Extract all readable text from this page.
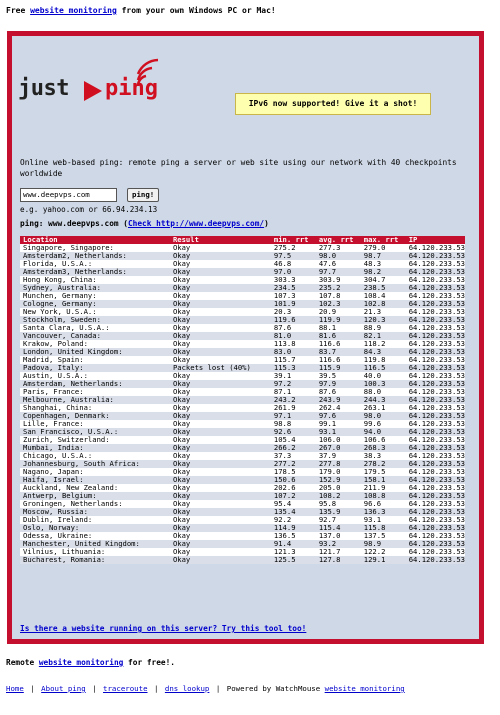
Free website monitoring from your own Windows PC or Mac!
just ping
IPv6 now supported! Give it a shot!
Online web-based ping: remote ping a server or web site using our network with 40 checkpoints worldwide
www.deepvps.com	ping!
e.g. yahoo.com or 66.94.234.13
ping: www.deepvps.com (Check http://www.deepvps.com/)
Location	Result	min. rrt	avg. rrt	max. rrt	IP
Singapore, Singapore:	Okay	275.2	277.3	279.0	64.120.233.53
Amsterdam2, Netherlands:	Okay	97.5	98.0	98.7	64.120.233.53
Florida, U.S.A.:	Okay	46.8	47.6	48.3	64.120.233.53
Amsterdam3, Netherlands:	Okay	97.0	97.7	98.2	64.120.233.53
Hong Kong, China:	Okay	303.3	303.9	304.7	64.120.233.53
Sydney, Australia:	Okay	234.5	235.2	238.5	64.120.233.53
Munchen, Germany:	Okay	107.3	107.8	108.4	64.120.233.53
Cologne, Germany:	Okay	101.9	102.3	102.8	64.120.233.53
New York, U.S.A.:	Okay	20.3	20.9	21.3	64.120.233.53
Stockholm, Sweden:	Okay	119.6	119.9	120.3	64.120.233.53
Santa Clara, U.S.A.:	Okay	87.6	88.1	88.9	64.120.233.53
Vancouver, Canada:	Okay	81.0	81.6	82.1	64.120.233.53
Krakow, Poland:	Okay	113.8	116.6	118.2	64.120.233.53
London, United Kingdom:	Okay	83.0	83.7	84.3	64.120.233.53
Madrid, Spain:	Okay	115.7	116.6	119.8	64.120.233.53
Padova, Italy:	Packets lost (40%)	115.3	115.9	116.5	64.120.233.53
Austin, U.S.A.:	Okay	39.1	39.5	40.0	64.120.233.53
Amsterdam, Netherlands:	Okay	97.2	97.9	100.3	64.120.233.53
Paris, France:	Okay	87.1	87.6	88.0	64.120.233.53
Melbourne, Australia:	Okay	243.2	243.9	244.3	64.120.233.53
Shanghai, China:	Okay	261.9	262.4	263.1	64.120.233.53
Copenhagen, Denmark:	Okay	97.1	97.6	98.0	64.120.233.53
Lille, France:	Okay	98.8	99.1	99.6	64.120.233.53
San Francisco, U.S.A.:	Okay	92.6	93.1	94.0	64.120.233.53
Zurich, Switzerland:	Okay	105.4	106.0	106.6	64.120.233.53
Mumbai, India:	Okay	266.2	267.0	268.3	64.120.233.53
Chicago, U.S.A.:	Okay	37.3	37.9	38.3	64.120.233.53
Johannesburg, South Africa:	Okay	277.2	277.8	278.2	64.120.233.53
Nagano, Japan:	Okay	178.5	179.0	179.5	64.120.233.53
Haifa, Israel:	Okay	150.6	152.9	158.1	64.120.233.53
Auckland, New Zealand:	Okay	202.6	205.0	211.9	64.120.233.53
Antwerp, Belgium:	Okay	107.2	108.2	108.8	64.120.233.53
Groningen, Netherlands:	Okay	95.4	95.8	96.6	64.120.233.53
Moscow, Russia:	Okay	135.4	135.9	136.3	64.120.233.53
Dublin, Ireland:	Okay	92.2	92.7	93.1	64.120.233.53
Oslo, Norway:	Okay	114.9	115.4	115.8	64.120.233.53
Odessa, Ukraine:	Okay	136.5	137.0	137.5	64.120.233.53
Manchester, United Kingdom:	Okay	91.4	93.2	98.9	64.120.233.53
Vilnius, Lithuania:	Okay	121.3	121.7	122.2	64.120.233.53
Bucharest, Romania:	Okay	125.5	127.8	129.1	64.120.233.53
Is there a website running on this server? Try this tool too!
Remote website monitoring for free!.
Home | About ping | traceroute | dns lookup | Powered by WatchMouse website monitoring
